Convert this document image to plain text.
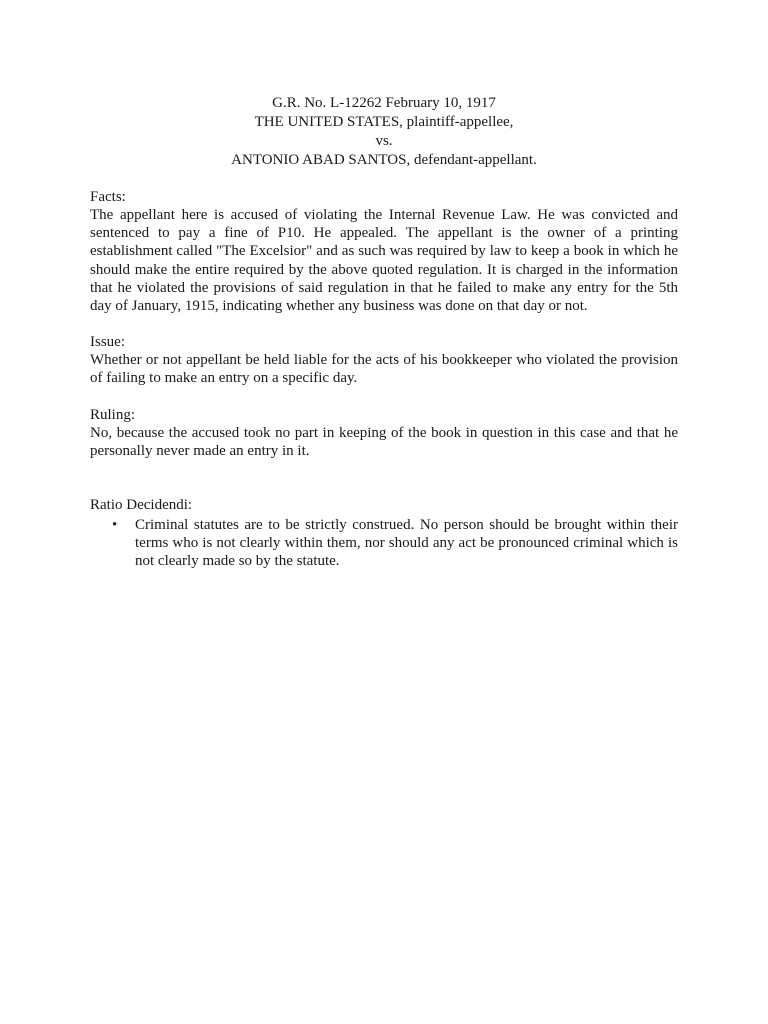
G.R. No. L-12262 February 10, 1917
THE UNITED STATES, plaintiff-appellee,
vs.
ANTONIO ABAD SANTOS, defendant-appellant.
Facts:
The appellant here is accused of violating the Internal Revenue Law. He was convicted and sentenced to pay a fine of P10. He appealed. The appellant is the owner of a printing establishment called "The Excelsior" and as such was required by law to keep a book in which he should make the entire required by the above quoted regulation. It is charged in the information that he violated the provisions of said regulation in that he failed to make any entry for the 5th day of January, 1915, indicating whether any business was done on that day or not.
Issue:
Whether or not appellant be held liable for the acts of his bookkeeper who violated the provision of failing to make an entry on a specific day.
Ruling:
No, because the accused took no part in keeping of the book in question in this case and that he personally never made an entry in it.
Ratio Decidendi:
• Criminal statutes are to be strictly construed. No person should be brought within their terms who is not clearly within them, nor should any act be pronounced criminal which is not clearly made so by the statute.
